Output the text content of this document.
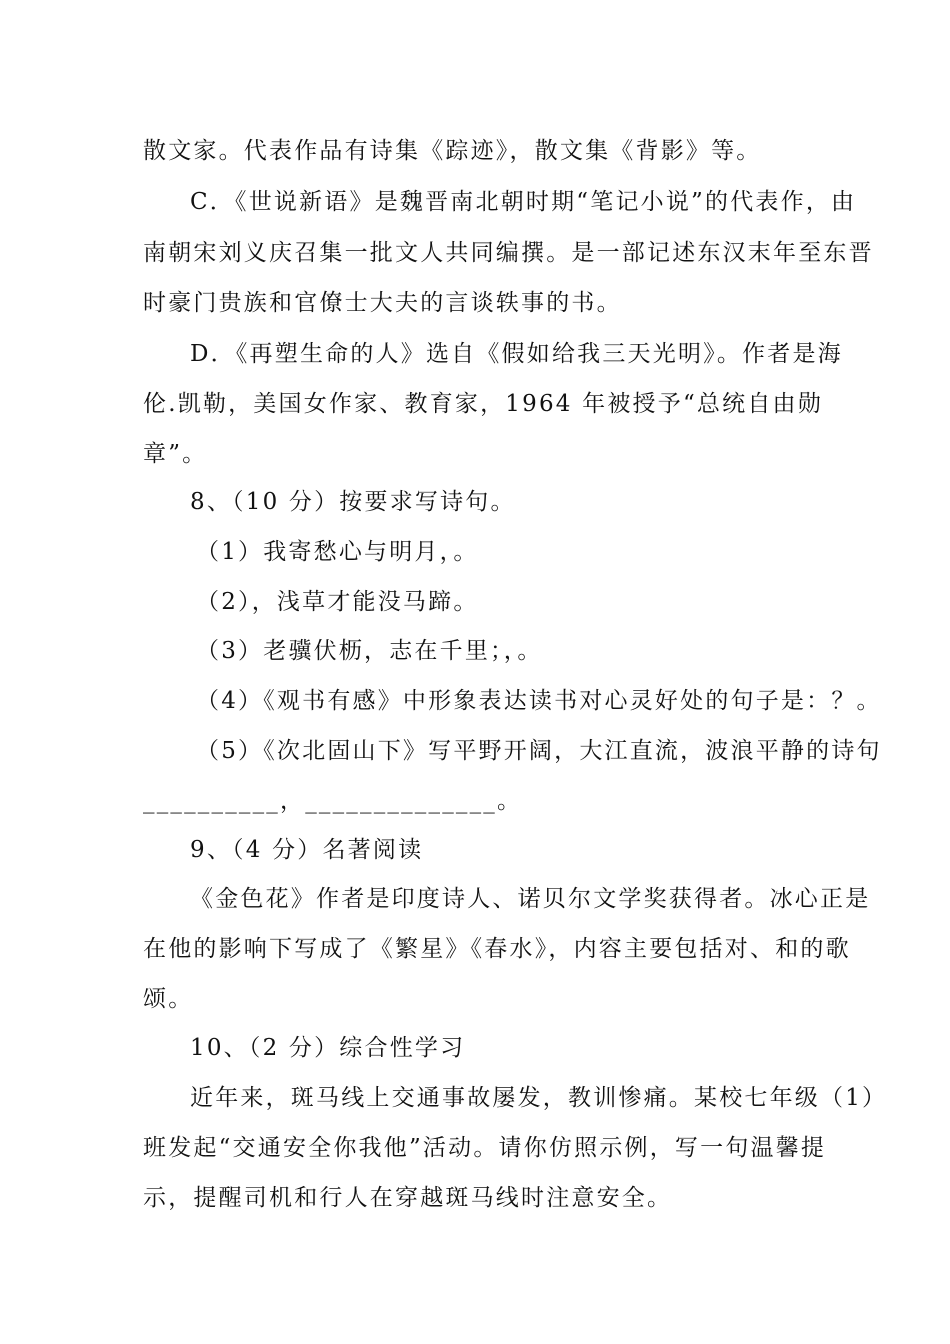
散文家。代表作品有诗集《踪迹》，散文集《背影》等。
C．《世说新语》是魏晋南北朝时期“笔记小说”的代表作，由
南朝宋刘义庆召集一批文人共同编撰。是一部记述东汉末年至东晋
时豪门贵族和官僚士大夫的言谈轶事的书。
D．《再塑生命的人》选自《假如给我三天光明》。作者是海
伦.凯勒，美国女作家、教育家，1964 年被授予“总统自由勋
章”。
8、（10 分）按要求写诗句。
（1）我寄愁心与明月，。
（2），浅草才能没马蹄。
（3）老骥伏枥，志在千里；，。
（4）《观书有感》中形象表达读书对心灵好处的句子是：？。
（5）《次北固山下》写平野开阔，大江直流，波浪平静的诗句
__________，______________。
9、（4 分）名著阅读
《金色花》作者是印度诗人、诺贝尔文学奖获得者。冰心正是
在他的影响下写成了《繁星》《春水》，内容主要包括对、和的歌
颂。
10、（2 分）综合性学习
近年来，斑马线上交通事故屡发，教训惨痛。某校七年级（1）
班发起“交通安全你我他”活动。请你仿照示例，写一句温馨提
示，提醒司机和行人在穿越斑马线时注意安全。
